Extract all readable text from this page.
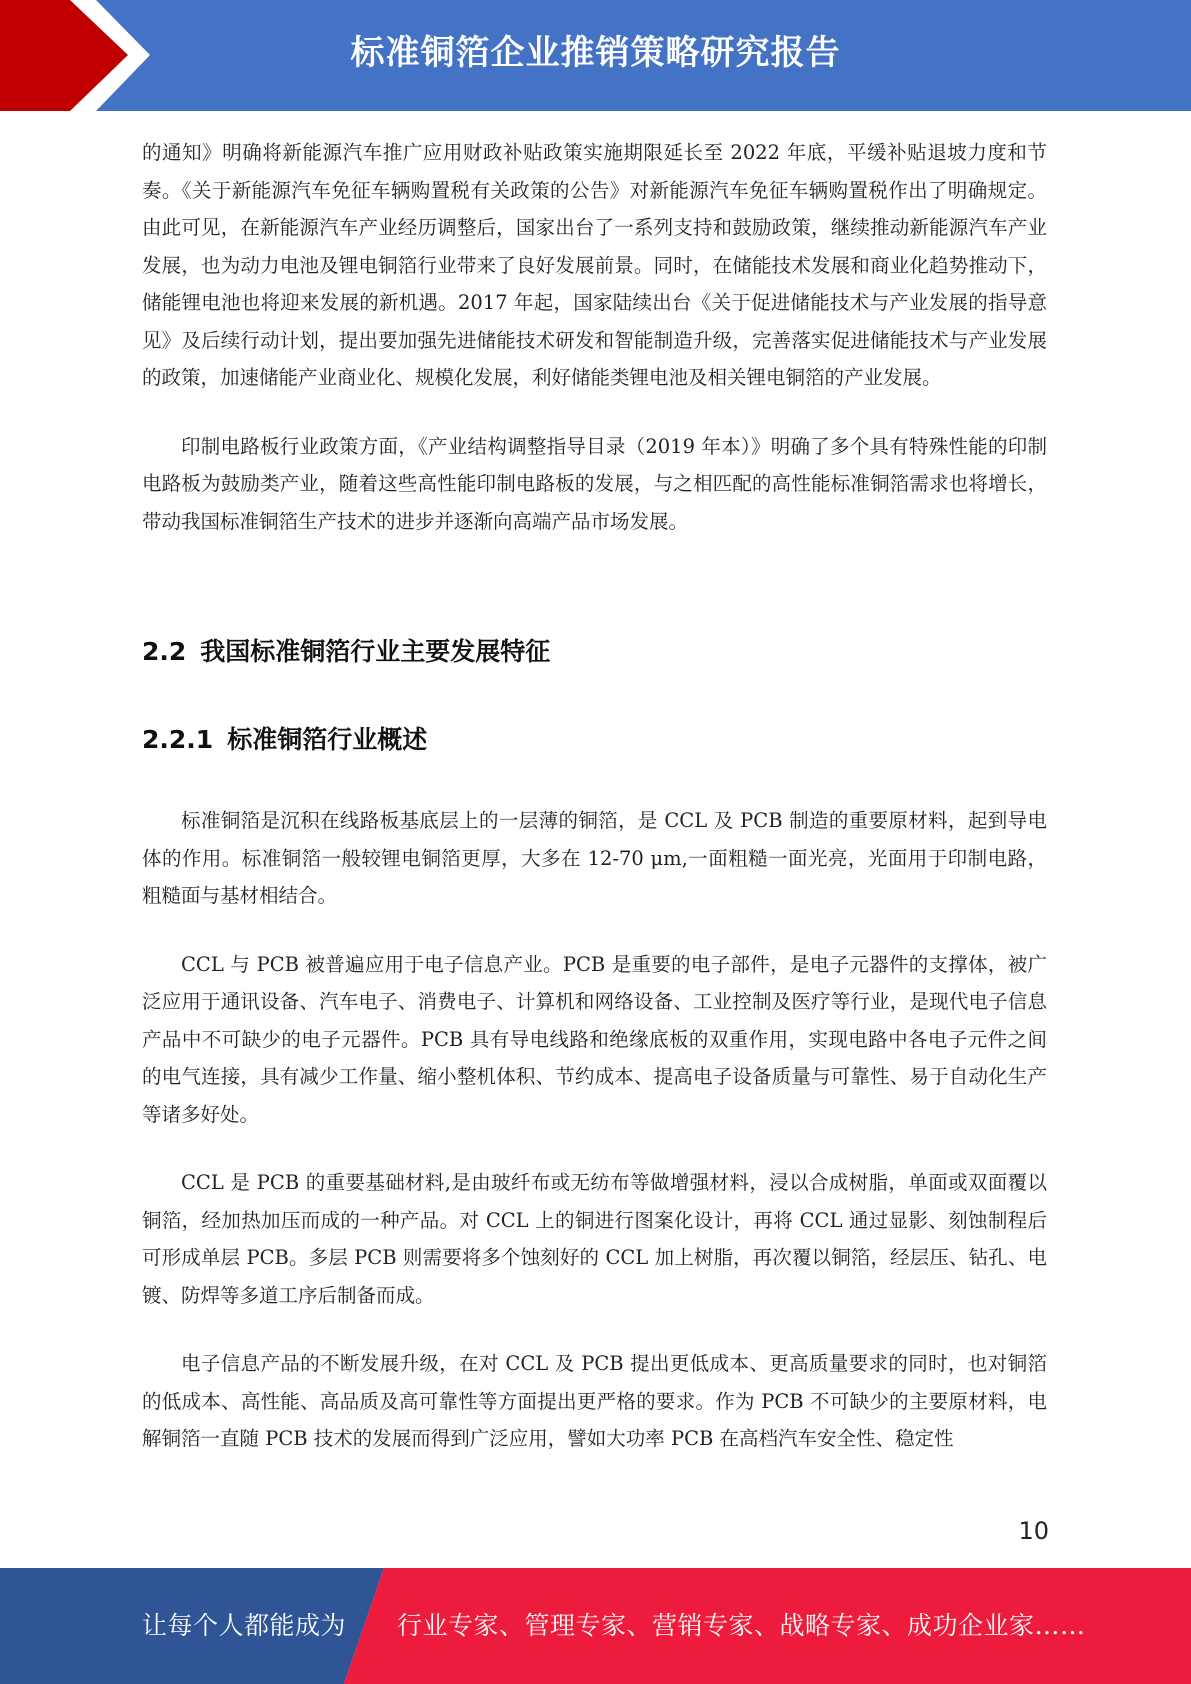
标准铜箔企业推销策略研究报告

的通知》明确将新能源汽车推广应用财政补贴政策实施期限延长至 2022 年底，平缓补贴退坡力度和节奏。《关于新能源汽车免征车辆购置税有关政策的公告》对新能源汽车免征车辆购置税作出了明确规定。由此可见，在新能源汽车产业经历调整后，国家出台了一系列支持和鼓励政策，继续推动新能源汽车产业发展，也为动力电池及锂电铜箔行业带来了良好发展前景。同时，在储能技术发展和商业化趋势推动下，储能锂电池也将迎来发展的新机遇。2017 年起，国家陆续出台《关于促进储能技术与产业发展的指导意见》及后续行动计划，提出要加强先进储能技术研发和智能制造升级，完善落实促进储能技术与产业发展的政策，加速储能产业商业化、规模化发展，利好储能类锂电池及相关锂电铜箔的产业发展。

印制电路板行业政策方面，《产业结构调整指导目录（2019 年本）》明确了多个具有特殊性能的印制电路板为鼓励类产业，随着这些高性能印制电路板的发展，与之相匹配的高性能标准铜箔需求也将增长，带动我国标准铜箔生产技术的进步并逐渐向高端产品市场发展。

2.2 我国标准铜箔行业主要发展特征
2.2.1 标准铜箔行业概述

标准铜箔是沉积在线路板基底层上的一层薄的铜箔，是 CCL 及 PCB 制造的重要原材料，起到导电体的作用。标准铜箔一般较锂电铜箔更厚，大多在 12-70 μm,一面粗糙一面光亮，光面用于印制电路，粗糙面与基材相结合。

CCL 与 PCB 被普遍应用于电子信息产业。PCB 是重要的电子部件，是电子元器件的支撑体，被广泛应用于通讯设备、汽车电子、消费电子、计算机和网络设备、工业控制及医疗等行业，是现代电子信息产品中不可缺少的电子元器件。PCB 具有导电线路和绝缘底板的双重作用，实现电路中各电子元件之间的电气连接，具有减少工作量、缩小整机体积、节约成本、提高电子设备质量与可靠性、易于自动化生产等诸多好处。

CCL 是 PCB 的重要基础材料,是由玻纤布或无纺布等做增强材料，浸以合成树脂，单面或双面覆以铜箔，经加热加压而成的一种产品。对 CCL 上的铜进行图案化设计，再将 CCL 通过显影、刻蚀制程后可形成单层 PCB。多层 PCB 则需要将多个蚀刻好的 CCL 加上树脂，再次覆以铜箔，经层压、钻孔、电镀、防焊等多道工序后制备而成。

电子信息产品的不断发展升级，在对 CCL 及 PCB 提出更低成本、更高质量要求的同时，也对铜箔的低成本、高性能、高品质及高可靠性等方面提出更严格的要求。作为 PCB 不可缺少的主要原材料，电解铜箔一直随 PCB 技术的发展而得到广泛应用，譬如大功率 PCB 在高档汽车安全性、稳定性

10
让每个人都能成为 行业专家、管理专家、营销专家、战略专家、成功企业家……
